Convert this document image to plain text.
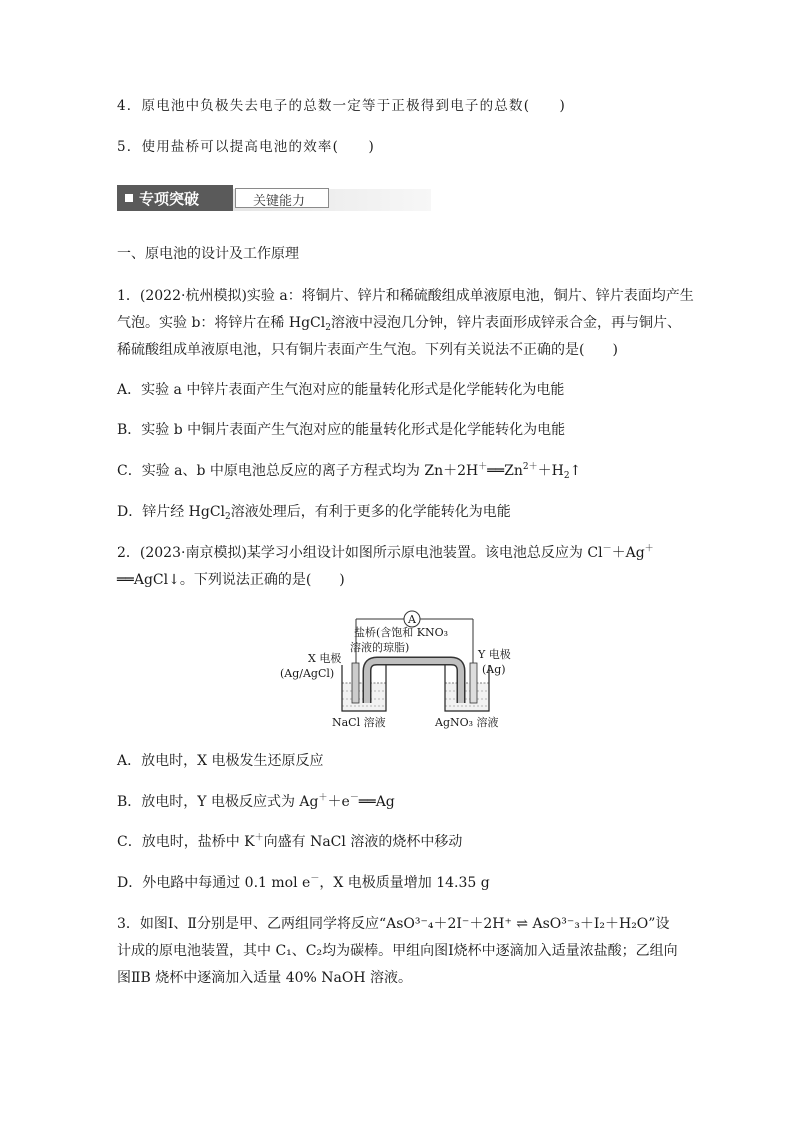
4．原电池中负极失去电子的总数一定等于正极得到电子的总数(　　)
5．使用盐桥可以提高电池的效率(　　)
专项突破	关键能力
一、原电池的设计及工作原理
1．(2022·杭州模拟)实验 a：将铜片、锌片和稀硫酸组成单液原电池，铜片、锌片表面均产生
气泡。实验 b：将锌片在稀 HgCl$_2$溶液中浸泡几分钟，锌片表面形成锌汞合金，再与铜片、
稀硫酸组成单液原电池，只有铜片表面产生气泡。下列有关说法不正确的是(　　)
A．实验 a 中锌片表面产生气泡对应的能量转化形式是化学能转化为电能
B．实验 b 中铜片表面产生气泡对应的能量转化形式是化学能转化为电能
C．实验 a、b 中原电池总反应的离子方程式均为 $Zn+2H^+══Zn^{2+}+H_2↑$
D．锌片经 HgCl$_2$溶液处理后，有利于更多的化学能转化为电能
2．(2023·南京模拟)某学习小组设计如图所示原电池装置。该电池总反应为 Cl－＋Ag＋
══AgCl↓。下列说法正确的是(　　)
A
盐桥(含饱和 KNO₃
溶液的琼脂)
X 电极
(Ag/AgCl)
Y 电极
(Ag)
NaCl 溶液	AgNO₃ 溶液
A．放电时，X 电极发生还原反应
B．放电时，Y 电极反应式为 Ag＋＋e－══Ag
C．放电时，盐桥中 K＋向盛有 NaCl 溶液的烧杯中移动
D．外电路中每通过 0.1 mol e－，X 电极质量增加 14.35 g
3．如图Ⅰ、Ⅱ分别是甲、乙两组同学将反应“AsO³⁻₄＋2I⁻＋2H⁺ ⇌ AsO³⁻₃＋I₂＋H₂O”设
计成的原电池装置，其中 C₁、C₂均为碳棒。甲组向图Ⅰ烧杯中逐滴加入适量浓盐酸；乙组向
图ⅡB 烧杯中逐滴加入适量 40% NaOH 溶液。
